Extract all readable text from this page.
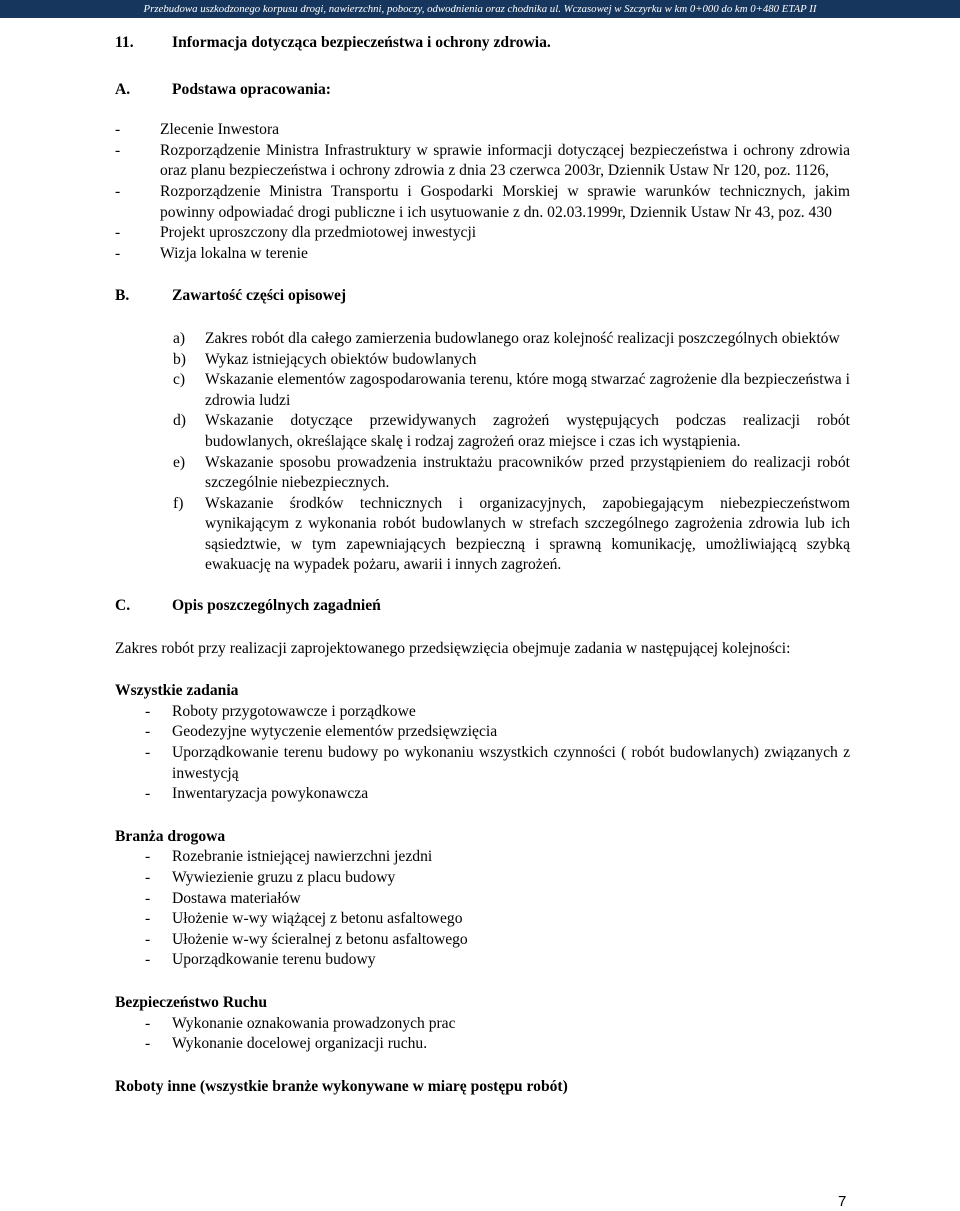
Przebudowa uszkodzonego korpusu drogi, nawierzchni, poboczy, odwodnienia oraz chodnika ul. Wczasowej w Szczyrku w km 0+000 do km 0+480 ETAP II
11.	Informacja dotycząca bezpieczeństwa i ochrony zdrowia.
A.	Podstawa opracowania:
-	Zlecenie Inwestora
-	Rozporządzenie Ministra Infrastruktury w sprawie informacji dotyczącej bezpieczeństwa i ochrony zdrowia oraz planu bezpieczeństwa i ochrony zdrowia z dnia 23 czerwca 2003r, Dziennik Ustaw Nr 120, poz. 1126,
-	Rozporządzenie Ministra Transportu i Gospodarki Morskiej w sprawie warunków technicznych, jakim powinny odpowiadać drogi publiczne i ich usytuowanie z dn. 02.03.1999r, Dziennik Ustaw Nr 43, poz. 430
-	Projekt uproszczony dla przedmiotowej inwestycji
-	Wizja lokalna w terenie
B.	Zawartość części opisowej
a)	Zakres robót dla całego zamierzenia budowlanego oraz kolejność realizacji poszczególnych obiektów
b)	Wykaz istniejących obiektów budowlanych
c)	Wskazanie elementów zagospodarowania terenu, które mogą stwarzać zagrożenie dla bezpieczeństwa i zdrowia ludzi
d)	Wskazanie dotyczące przewidywanych zagrożeń występujących podczas realizacji robót budowlanych, określające skalę i rodzaj zagrożeń oraz miejsce i czas ich wystąpienia.
e)	Wskazanie sposobu prowadzenia instruktażu pracowników przed przystąpieniem do realizacji robót szczególnie niebezpiecznych.
f)	Wskazanie środków technicznych i organizacyjnych, zapobiegającym niebezpieczeństwom wynikającym z wykonania robót budowlanych w strefach szczególnego zagrożenia zdrowia lub ich sąsiedztwie, w tym zapewniających bezpieczną i sprawną komunikację, umożliwiającą szybką ewakuację na wypadek pożaru, awarii i innych zagrożeń.
C.	Opis poszczególnych zagadnień
Zakres robót przy realizacji zaprojektowanego przedsięwzięcia obejmuje zadania w następującej kolejności:
Wszystkie zadania
-	Roboty przygotowawcze i porządkowe
-	Geodezyjne wytyczenie elementów przedsięwzięcia
-	Uporządkowanie terenu budowy po wykonaniu wszystkich czynności ( robót budowlanych) związanych z inwestycją
-	Inwentaryzacja powykonawcza
Branża drogowa
-	Rozebranie istniejącej nawierzchni jezdni
-	Wywiezienie gruzu z placu budowy
-	Dostawa materiałów
-	Ułożenie w-wy wiążącej z betonu asfaltowego
-	Ułożenie w-wy ścieralnej z betonu asfaltowego
-	Uporządkowanie terenu budowy
Bezpieczeństwo Ruchu
-	Wykonanie oznakowania prowadzonych prac
-	Wykonanie docelowej organizacji ruchu.
Roboty inne (wszystkie branże wykonywane w miarę postępu robót)
7
